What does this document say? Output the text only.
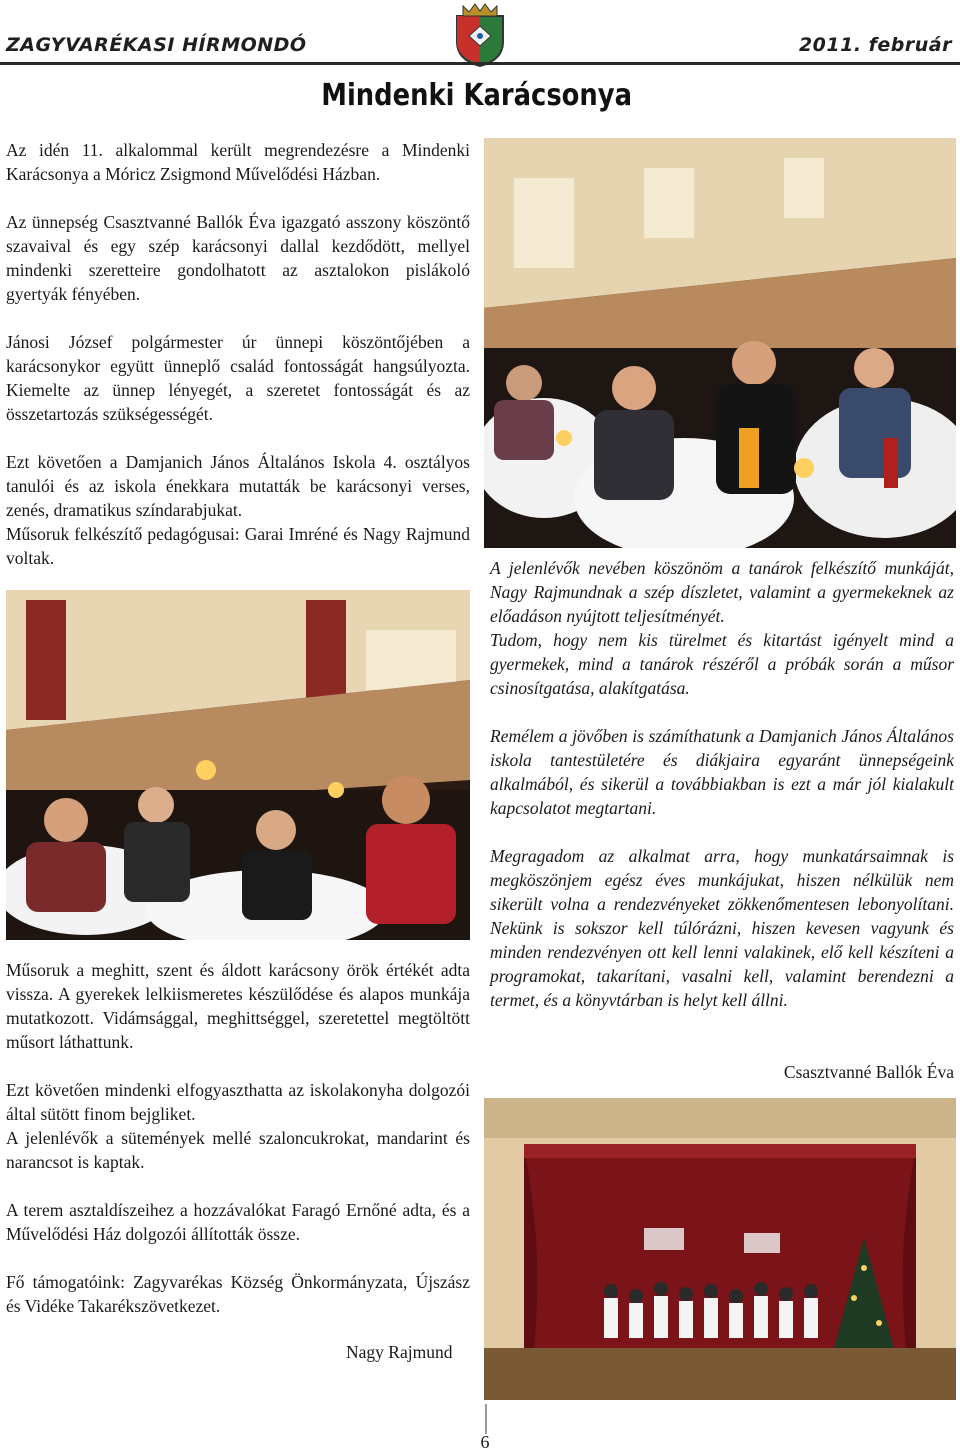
ZAGYVARÉKASI HÍRMONDÓ	2011. február
Mindenki Karácsonya

Az idén 11. alkalommal került megrendezésre a Mindenki Karácsonya a Móricz Zsigmond Művelődési Házban.

Az ünnepség Csasztvanné Ballók Éva igazgató asszony köszöntő szavaival és egy szép karácsonyi dallal kezdődött, mellyel mindenki szeretteire gondolhatott az asztalokon pislákoló gyertyák fényében.

Jánosi József polgármester úr ünnepi köszöntőjében a karácsonykor együtt ünneplő család fontosságát hangsúlyozta. Kiemelte az ünnep lényegét, a szeretet fontosságát és az összetartozás szükségességét.

Ezt követően a Damjanich János Általános Iskola 4. osztályos tanulói és az iskola énekkara mutatták be karácsonyi verses, zenés, dramatikus színdarabjukat.

Műsoruk felkészítő pedagógusai: Garai Imréné és Nagy Rajmund voltak.	A jelenlévők nevében köszönöm a tanárok felkészítő munkáját, Nagy Rajmundnak a szép díszletet, valamint a gyermekeknek az előadáson nyújtott teljesítményét.

Tudom, hogy nem kis türelmet és kitartást igényelt mind a gyermekek, mind a tanárok részéről a próbák során a műsor csinosítgatása, alakítgatása.

Remélem a jövőben is számíthatunk a Damjanich János Általános iskola tantestületére és diákjaira egyaránt ünnepségeink alkalmából, és sikerül a továbbiakban is ezt a már jól kialakult kapcsolatot megtartani.

Megragadom az alkalmat arra, hogy munkatársaimnak is megköszönjem egész éves munkájukat, hiszen nélkülük nem sikerült volna a rendezvényeket zökkenőmentesen lebonyolítani. Nekünk is sokszor kell túlórázni, hiszen kevesen vagyunk és minden rendezvényen ott kell lenni valakinek, elő kell készíteni a programokat, takarítani, vasalni kell, valamint berendezni a termet, és a könyvtárban is helyt kell állni.

Csasztvanné Ballók Éva

Műsoruk a meghitt, szent és áldott karácsony örök értékét adta vissza. A gyerekek lelkiismeretes készülődése és alapos munkája mutatkozott. Vidámsággal, meghittséggel, szeretettel megtöltött műsort láthattunk.

Ezt követően mindenki elfogyaszthatta az iskolakonyha dolgozói által sütött finom bejgliket.

A jelenlévők a sütemények mellé szaloncukrokat, mandarint és narancsot is kaptak.

A terem asztaldíszeihez a hozzávalókat Faragó Ernőné adta, és a Művelődési Ház dolgozói állították össze.

Fő támogatóink: Zagyvarékas Község Önkormányzata, Újszász és Vidéke Takarékszövetkezet.

Nagy Rajmund
6
